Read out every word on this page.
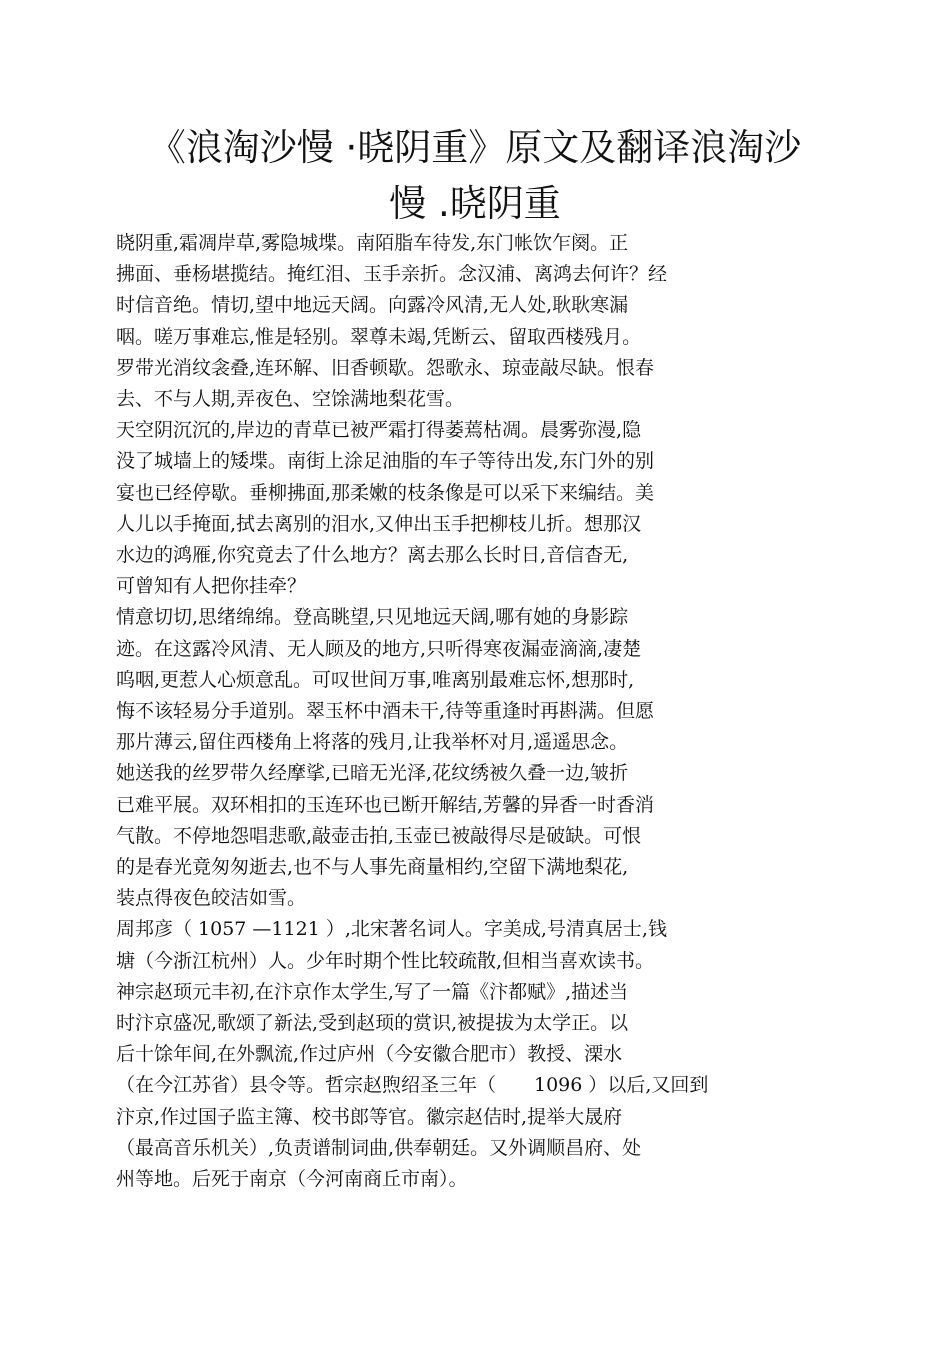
《浪淘沙慢 ·晓阴重》原文及翻译浪淘沙
慢 .晓阴重

晓阴重,霜凋岸草,雾隐城堞。南陌脂车待发,东门帐饮乍阕。正
拂面、垂杨堪揽结。掩红泪、玉手亲折。念汉浦、离鸿去何许？经
时信音绝。情切,望中地远天阔。向露冷风清,无人处,耿耿寒漏
咽。嗟万事难忘,惟是轻别。翠尊未竭,凭断云、留取西楼残月。
罗带光消纹衾叠,连环解、旧香顿歇。怨歌永、琼壶敲尽缺。恨春
去、不与人期,弄夜色、空馀满地梨花雪。

天空阴沉沉的,岸边的青草已被严霜打得萎蔫枯凋。晨雾弥漫,隐
没了城墙上的矮堞。南街上涂足油脂的车子等待出发,东门外的别
宴也已经停歇。垂柳拂面,那柔嫩的枝条像是可以采下来编结。美
人儿以手掩面,拭去离别的泪水,又伸出玉手把柳枝儿折。想那汉
水边的鸿雁,你究竟去了什么地方？离去那么长时日,音信杳无,
可曾知有人把你挂牵？

情意切切,思绪绵绵。登高眺望,只见地远天阔,哪有她的身影踪
迹。在这露冷风清、无人顾及的地方,只听得寒夜漏壶滴滴,凄楚
呜咽,更惹人心烦意乱。可叹世间万事,唯离别最难忘怀,想那时,
悔不该轻易分手道别。翠玉杯中酒未干,待等重逢时再斟满。但愿
那片薄云,留住西楼角上将落的残月,让我举杯对月,遥遥思念。

她送我的丝罗带久经摩挲,已暗无光泽,花纹绣被久叠一边,皱折
已难平展。双环相扣的玉连环也已断开解结,芳馨的异香一时香消
气散。不停地怨唱悲歌,敲壶击拍,玉壶已被敲得尽是破缺。可恨
的是春光竟匆匆逝去,也不与人事先商量相约,空留下满地梨花,
装点得夜色皎洁如雪。

周邦彦（ 1057 —1121 ）,北宋著名词人。字美成,号清真居士,钱
塘（今浙江杭州）人。少年时期个性比较疏散,但相当喜欢读书。
神宗赵顼元丰初,在汴京作太学生,写了一篇《汴都赋》,描述当
时汴京盛况,歌颂了新法,受到赵顼的赏识,被提拔为太学正。以
后十馀年间,在外飘流,作过庐州（今安徽合肥市）教授、溧水
（在今江苏省）县令等。哲宗赵煦绍圣三年（　　1096 ）以后,又回到
汴京,作过国子监主簿、校书郎等官。徽宗赵佶时,提举大晟府
（最高音乐机关）,负责谱制词曲,供奉朝廷。又外调顺昌府、处
州等地。后死于南京（今河南商丘市南）。
